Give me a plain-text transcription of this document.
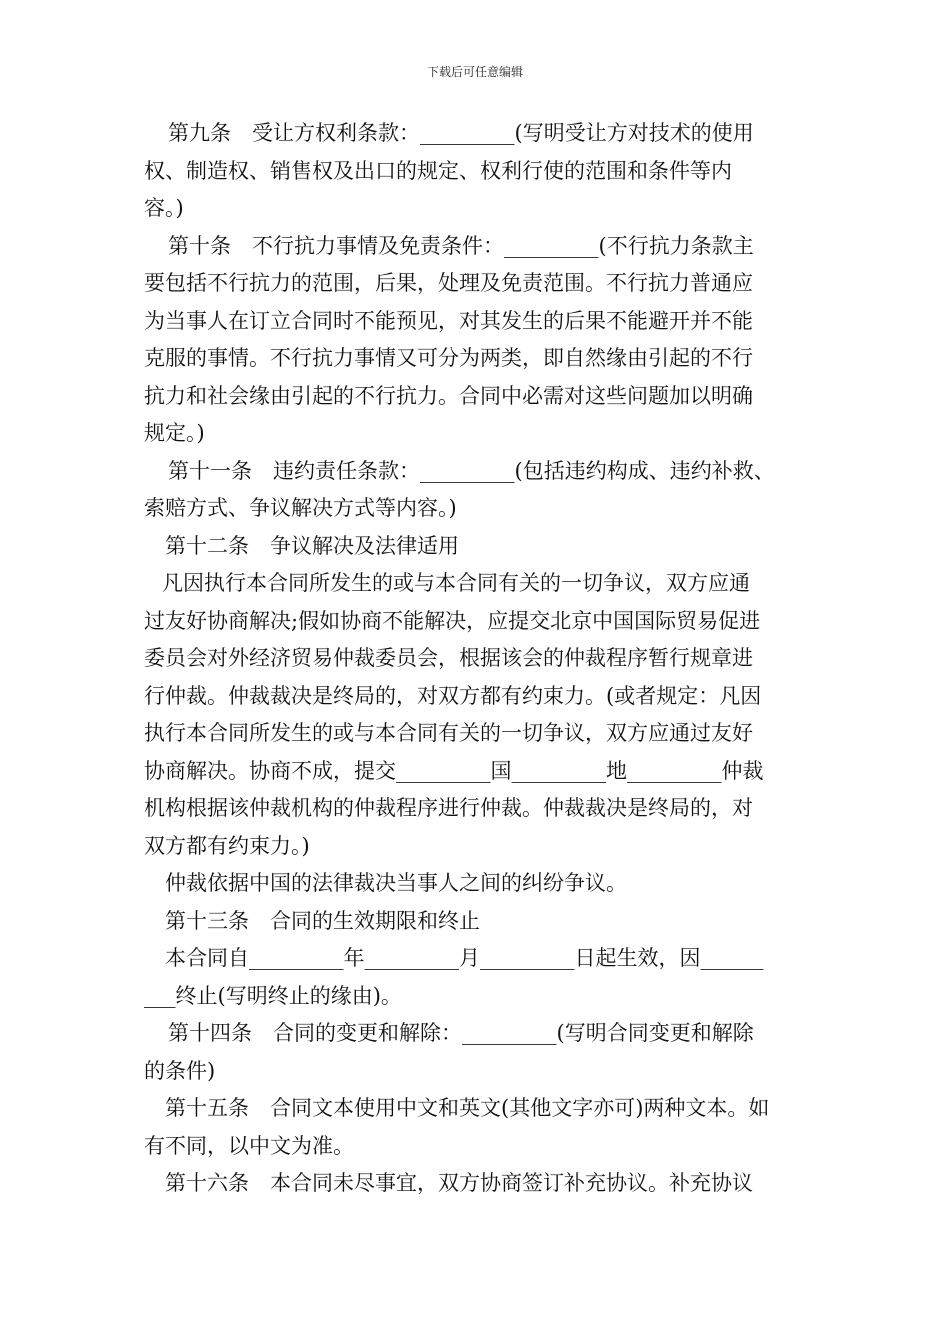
下载后可任意编辑
第九条　受让方权利条款：_________(写明受让方对技术的使用
权、制造权、销售权及出口的规定、权利行使的范围和条件等内
容。)
第十条　不行抗力事情及免责条件：_________(不行抗力条款主
要包括不行抗力的范围，后果，处理及免责范围。不行抗力普通应
为当事人在订立合同时不能预见，对其发生的后果不能避开并不能
克服的事情。不行抗力事情又可分为两类，即自然缘由引起的不行
抗力和社会缘由引起的不行抗力。合同中必需对这些问题加以明确
规定。)
第十一条　违约责任条款：_________(包括违约构成、违约补救、
索赔方式、争议解决方式等内容。)
第十二条　争议解决及法律适用
凡因执行本合同所发生的或与本合同有关的一切争议，双方应通
过友好协商解决;假如协商不能解决，应提交北京中国国际贸易促进
委员会对外经济贸易仲裁委员会，根据该会的仲裁程序暂行规章进
行仲裁。仲裁裁决是终局的，对双方都有约束力。(或者规定：凡因
执行本合同所发生的或与本合同有关的一切争议，双方应通过友好
协商解决。协商不成，提交_________国_________地_________仲裁
机构根据该仲裁机构的仲裁程序进行仲裁。仲裁裁决是终局的，对
双方都有约束力。)
仲裁依据中国的法律裁决当事人之间的纠纷争议。
第十三条　合同的生效期限和终止
本合同自_________年_________月_________日起生效，因______
___终止(写明终止的缘由)。
第十四条　合同的变更和解除：_________(写明合同变更和解除
的条件)
第十五条　合同文本使用中文和英文(其他文字亦可)两种文本。如
有不同，以中文为准。
第十六条　本合同未尽事宜，双方协商签订补充协议。补充协议
